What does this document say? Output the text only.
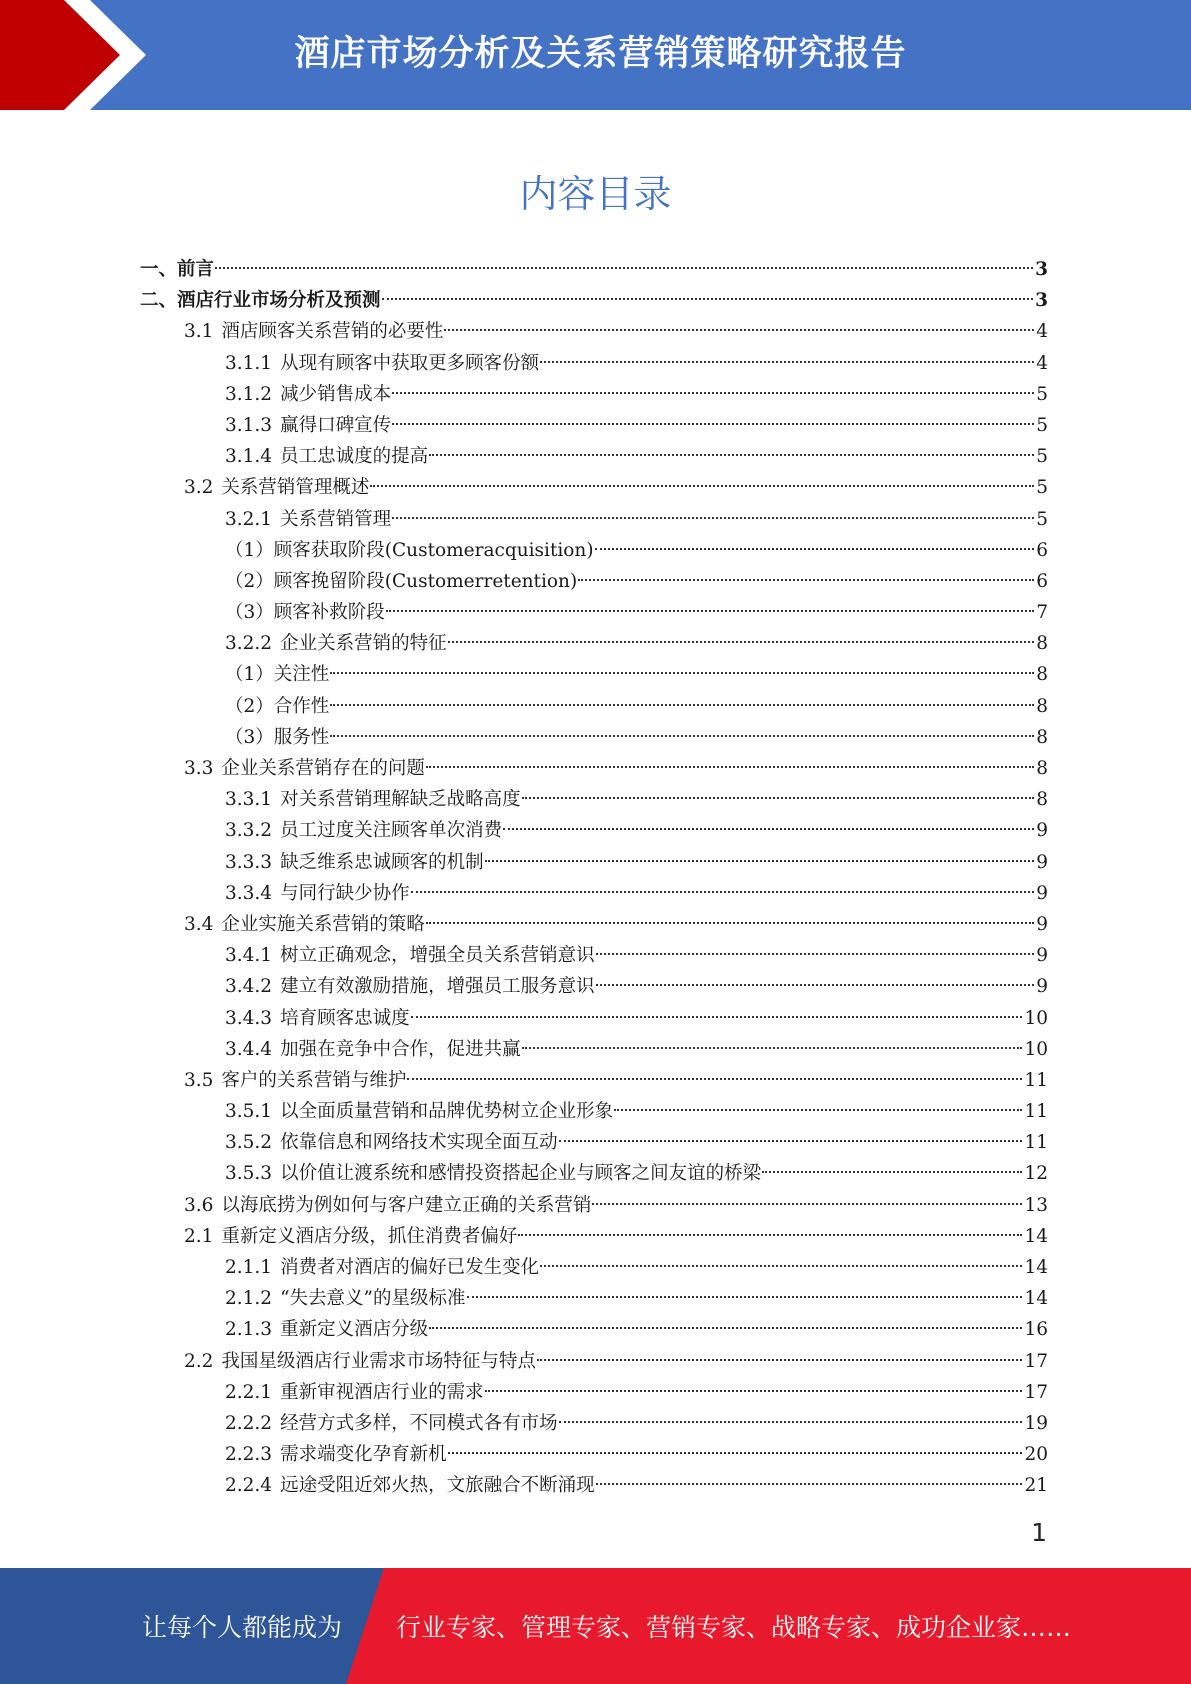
酒店市场分析及关系营销策略研究报告
内容目录
一、 前言	3
二、 酒店行业市场分析及预测	3
3.1 酒店顾客关系营销的必要性	4
3.1.1 从现有顾客中获取更多顾客份额	4
3.1.2 减少销售成本	5
3.1.3 赢得口碑宣传	5
3.1.4 员工忠诚度的提高	5
3.2 关系营销管理概述	5
3.2.1 关系营销管理	5
（1） 顾客获取阶段(Customeracquisition)	6
（2） 顾客挽留阶段(Customerretention)	6
（3） 顾客补救阶段	7
3.2.2 企业关系营销的特征	8
（1） 关注性	8
（2） 合作性	8
（3） 服务性	8
3.3 企业关系营销存在的问题	8
3.3.1 对关系营销理解缺乏战略高度	8
3.3.2 员工过度关注顾客单次消费	9
3.3.3 缺乏维系忠诚顾客的机制	9
3.3.4 与同行缺少协作	9
3.4 企业实施关系营销的策略	9
3.4.1 树立正确观念，增强全员关系营销意识	9
3.4.2 建立有效激励措施，增强员工服务意识	9
3.4.3 培育顾客忠诚度	10
3.4.4 加强在竞争中合作，促进共赢	10
3.5 客户的关系营销与维护	11
3.5.1 以全面质量营销和品牌优势树立企业形象	11
3.5.2 依靠信息和网络技术实现全面互动	11
3.5.3 以价值让渡系统和感情投资搭起企业与顾客之间友谊的桥梁	12
3.6 以海底捞为例如何与客户建立正确的关系营销	13
2.1 重新定义酒店分级，抓住消费者偏好	14
2.1.1 消费者对酒店的偏好已发生变化	14
2.1.2 “失去意义”的星级标准	14
2.1.3 重新定义酒店分级	16
2.2 我国星级酒店行业需求市场特征与特点	17
2.2.1 重新审视酒店行业的需求	17
2.2.2 经营方式多样，不同模式各有市场	19
2.2.3 需求端变化孕育新机	20
2.2.4 远途受阻近郊火热，文旅融合不断涌现	21
1
让每个人都能成为 行业专家、管理专家、营销专家、战略专家、成功企业家……
